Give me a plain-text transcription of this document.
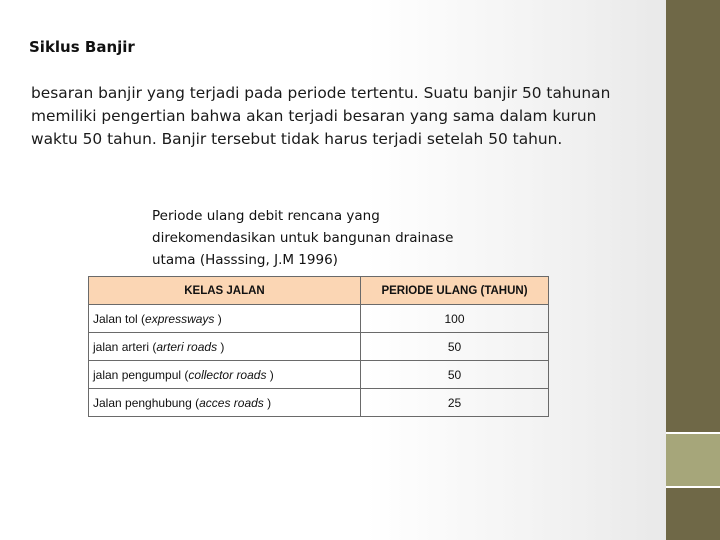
Siklus Banjir
besaran banjir yang terjadi pada periode tertentu. Suatu banjir 50 tahunan
memiliki pengertian bahwa akan terjadi besaran yang sama dalam kurun
waktu 50 tahun. Banjir tersebut tidak harus terjadi setelah 50 tahun.
Periode ulang debit rencana yang
direkomendasikan untuk bangunan drainase
utama (Hasssing, J.M 1996)
KELAS JALAN	PERIODE ULANG (TAHUN)
Jalan tol (expressways )	100
jalan arteri (arteri roads )	50
jalan pengumpul (collector roads )	50
Jalan penghubung (acces roads )	25
